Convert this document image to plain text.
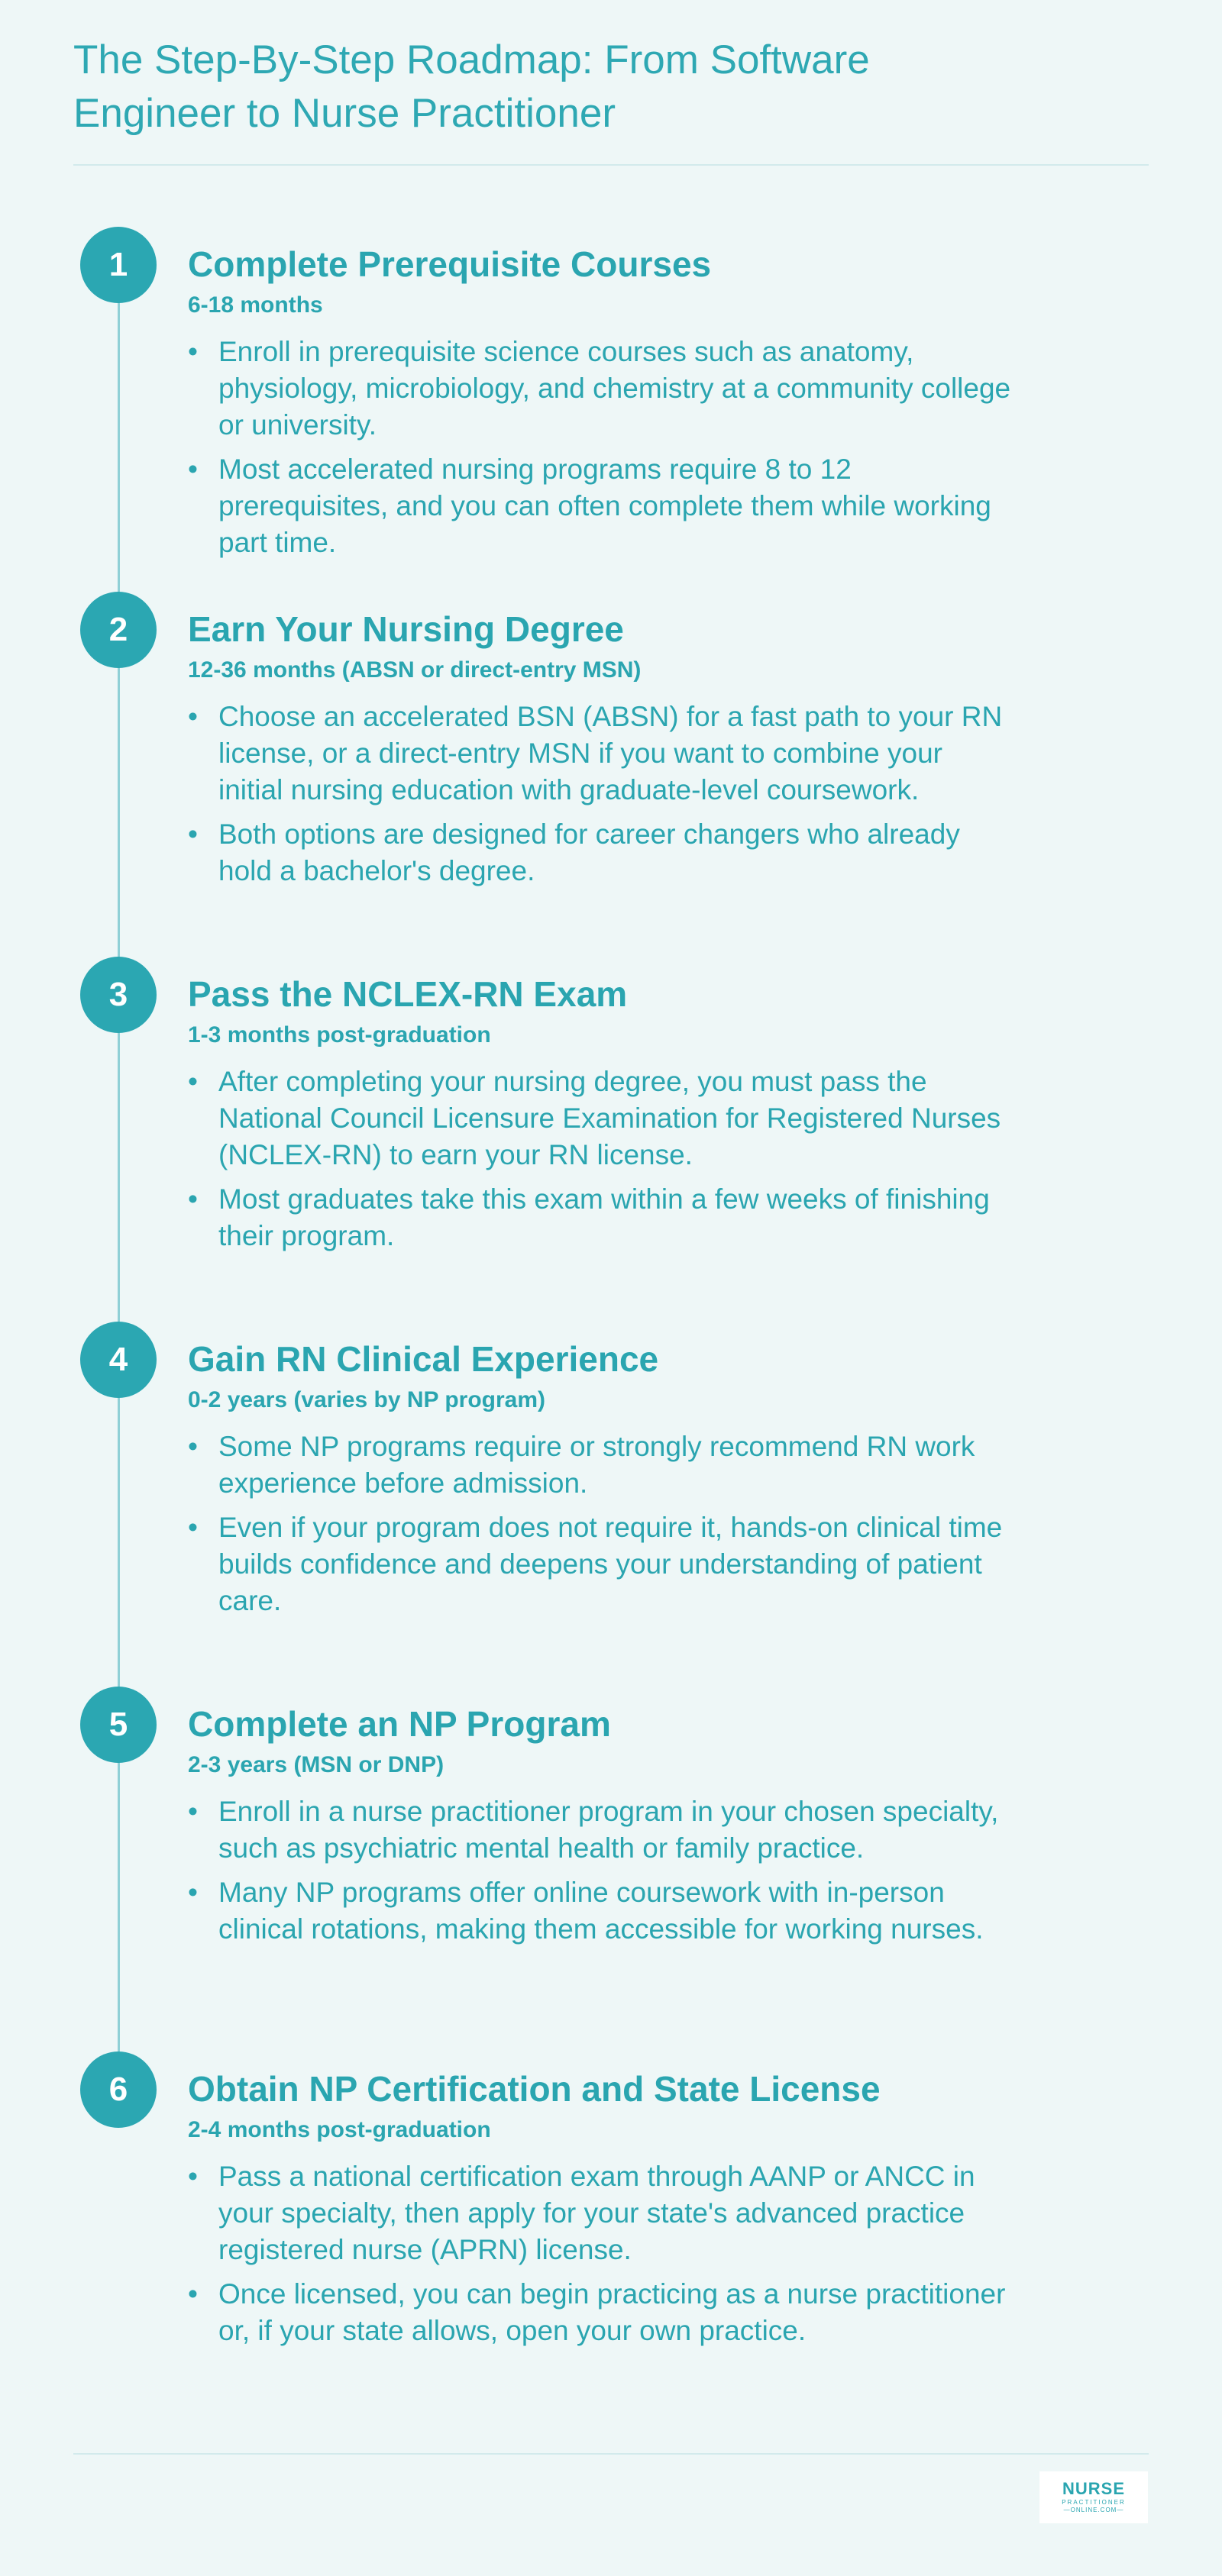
The Step-By-Step Roadmap: From Software
Engineer to Nurse Practitioner
1	Complete Prerequisite Courses
6-18 months
• Enroll in prerequisite science courses such as anatomy, physiology, microbiology, and chemistry at a community college or university.
• Most accelerated nursing programs require 8 to 12 prerequisites, and you can often complete them while working part time.
2	Earn Your Nursing Degree
12-36 months (ABSN or direct-entry MSN)
• Choose an accelerated BSN (ABSN) for a fast path to your RN license, or a direct-entry MSN if you want to combine your initial nursing education with graduate-level coursework.
• Both options are designed for career changers who already hold a bachelor's degree.
3	Pass the NCLEX-RN Exam
1-3 months post-graduation
• After completing your nursing degree, you must pass the National Council Licensure Examination for Registered Nurses (NCLEX-RN) to earn your RN license.
• Most graduates take this exam within a few weeks of finishing their program.
4	Gain RN Clinical Experience
0-2 years (varies by NP program)
• Some NP programs require or strongly recommend RN work experience before admission.
• Even if your program does not require it, hands-on clinical time builds confidence and deepens your understanding of patient care.
5	Complete an NP Program
2-3 years (MSN or DNP)
• Enroll in a nurse practitioner program in your chosen specialty, such as psychiatric mental health or family practice.
• Many NP programs offer online coursework with in-person clinical rotations, making them accessible for working nurses.
6	Obtain NP Certification and State License
2-4 months post-graduation
• Pass a national certification exam through AANP or ANCC in your specialty, then apply for your state's advanced practice registered nurse (APRN) license.
• Once licensed, you can begin practicing as a nurse practitioner or, if your state allows, open your own practice.
NURSE
PRACTITIONER
—ONLINE.COM—
